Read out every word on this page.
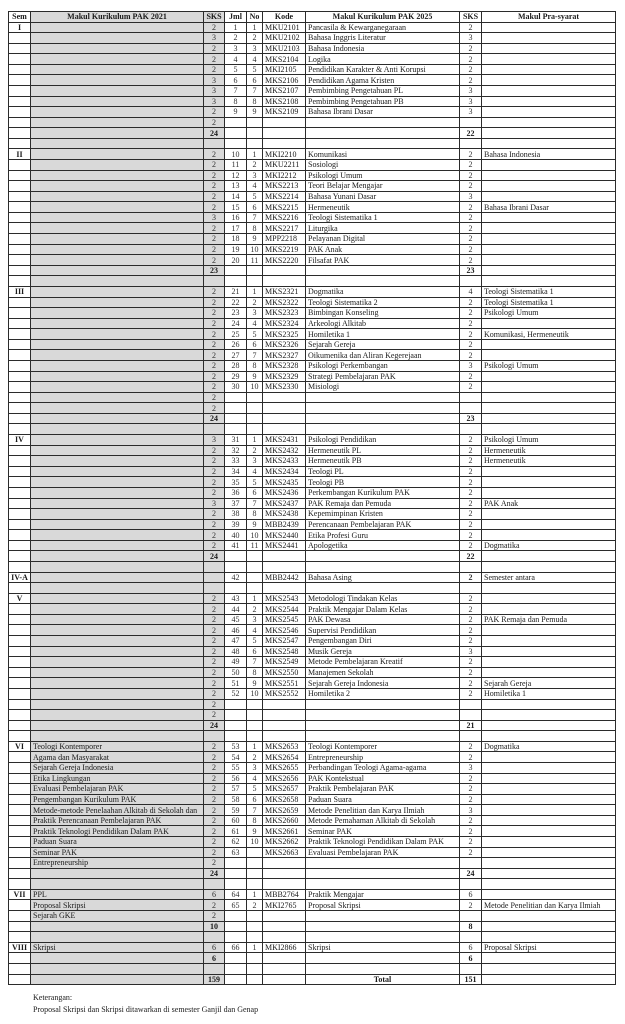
Sem	Makul Kurikulum PAK 2021	SKS	Jml	No	Kode	Makul Kurikulum PAK 2025	SKS	Makul Pra-syarat
I		2	1	1	MKU2101	Pancasila & Kewarganegaraan	2	
		3	2	2	MKU2102	Bahasa Inggris Literatur	3	
		2	3	3	MKU2103	Bahasa Indonesia	2	
		2	4	4	MKS2104	Logika	2	
		2	5	5	MKI2105	Pendidikan Karakter & Anti Korupsi	2	
		3	6	6	MKS2106	Pendidikan Agama Kristen	2	
		3	7	7	MKS2107	Pembimbing Pengetahuan PL	3	
		3	8	8	MKS2108	Pembimbing Pengetahuan PB	3	
		2	9	9	MKS2109	Bahasa Ibrani Dasar	3	
		2						
		24					22	

II		2	10	1	MKI2210	Komunikasi	2	Bahasa Indonesia
		2	11	2	MKU2211	Sosiologi	2	
		2	12	3	MKI2212	Psikologi Umum	2	
		2	13	4	MKS2213	Teori Belajar Mengajar	2	
		2	14	5	MKS2214	Bahasa Yunani Dasar	3	
		2	15	6	MKS2215	Hermeneutik	2	Bahasa Ibrani Dasar
		3	16	7	MKS2216	Teologi Sistematika 1	2	
		2	17	8	MKS2217	Liturgika	2	
		2	18	9	MPP2218	Pelayanan Digital	2	
		2	19	10	MKS2219	PAK Anak	2	
		2	20	11	MKS2220	Filsafat PAK	2	
		23					23	

III		2	21	1	MKS2321	Dogmatika	4	Teologi Sistematika 1
		2	22	2	MKS2322	Teologi Sistematika 2	2	Teologi Sistematika 1
		2	23	3	MKS2323	Bimbingan Konseling	2	Psikologi Umum
		2	24	4	MKS2324	Arkeologi Alkitab	2	
		2	25	5	MKS2325	Homiletika 1	2	Komunikasi, Hermeneutik
		2	26	6	MKS2326	Sejarah Gereja	2	
		2	27	7	MKS2327	Oikumenika dan Aliran Kegerejaan	2	
		2	28	8	MKS2328	Psikologi Perkembangan	3	Psikologi Umum
		2	29	9	MKS2329	Strategi Pembelajaran PAK	2	
		2	30	10	MKS2330	Misiologi	2	
		2						
		2						
		24					23	

IV		3	31	1	MKS2431	Psikologi Pendidikan	2	Psikologi Umum
		2	32	2	MKS2432	Hermeneutik PL	2	Hermeneutik
		2	33	3	MKS2433	Hermeneutik PB	2	Hermeneutik
		2	34	4	MKS2434	Teologi PL	2	
		2	35	5	MKS2435	Teologi PB	2	
		2	36	6	MKS2436	Perkembangan Kurikulum PAK	2	
		3	37	7	MKS2437	PAK Remaja dan Pemuda	2	PAK Anak
		2	38	8	MKS2438	Kepemimpinan Kristen	2	
		2	39	9	MBB2439	Perencanaan Pembelajaran PAK	2	
		2	40	10	MKS2440	Etika Profesi Guru	2	
		2	41	11	MKS2441	Apologetika	2	Dogmatika
		24					22	

IV-A			42		MBB2442	Bahasa Asing	2	Semester antara

V		2	43	1	MKS2543	Metodologi Tindakan Kelas	2	
		2	44	2	MKS2544	Praktik Mengajar Dalam Kelas	2	
		2	45	3	MKS2545	PAK Dewasa	2	PAK Remaja dan Pemuda
		2	46	4	MKS2546	Supervisi Pendidikan	2	
		2	47	5	MKS2547	Pengembangan Diri	2	
		2	48	6	MKS2548	Musik Gereja	3	
		2	49	7	MKS2549	Metode Pembelajaran Kreatif	2	
		2	50	8	MKS2550	Manajemen Sekolah	2	
		2	51	9	MKS2551	Sejarah Gereja Indonesia	2	Sejarah Gereja
		2	52	10	MKS2552	Homiletika 2	2	Homiletika 1
		2						
		2						
		24					21	

VI	Teologi Kontemporer	2	53	1	MKS2653	Teologi Kontemporer	2	Dogmatika
	Agama dan Masyarakat	2	54	2	MKS2654	Entrepreneurship	2	
	Sejarah Gereja Indonesia	2	55	3	MKS2655	Perbandingan Teologi Agama-agama	3	
	Etika Lingkungan	2	56	4	MKS2656	PAK Kontekstual	2	
	Evaluasi Pembelajaran PAK	2	57	5	MKS2657	Praktik Pembelajaran PAK	2	
	Pengembangan Kurikulum PAK	2	58	6	MKS2658	Paduan Suara	2	
	Metode-metode Penelaahan Alkitab di Sekolah dan	2	59	7	MKS2659	Metode Penelitian dan Karya Ilmiah	3	
	Praktik Perencanaan Pembelajaran PAK	2	60	8	MKS2660	Metode Pemahaman Alkitab di Sekolah	2	
	Praktik Teknologi Pendidikan Dalam PAK	2	61	9	MKS2661	Seminar PAK	2	
	Paduan Suara	2	62	10	MKS2662	Praktik Teknologi Pendidikan Dalam PAK	2	
	Seminar PAK	2	63		MKS2663	Evaluasi Pembelajaran PAK	2	
	Entrepreneurship	2						
		24					24	

VII	PPL	6	64	1	MBB2764	Praktik Mengajar	6	
	Proposal Skripsi	2	65	2	MKI2765	Proposal Skripsi	2	Metode Penelitian dan Karya Ilmiah
	Sejarah GKE	2						
		10					8	

VIII	Skripsi	6	66	1	MKI2866	Skripsi	6	Proposal Skripsi
		6					6	

		159				Total	151	
Keterangan:
Proposal Skripsi dan Skripsi ditawarkan di semester Ganjil dan Genap
